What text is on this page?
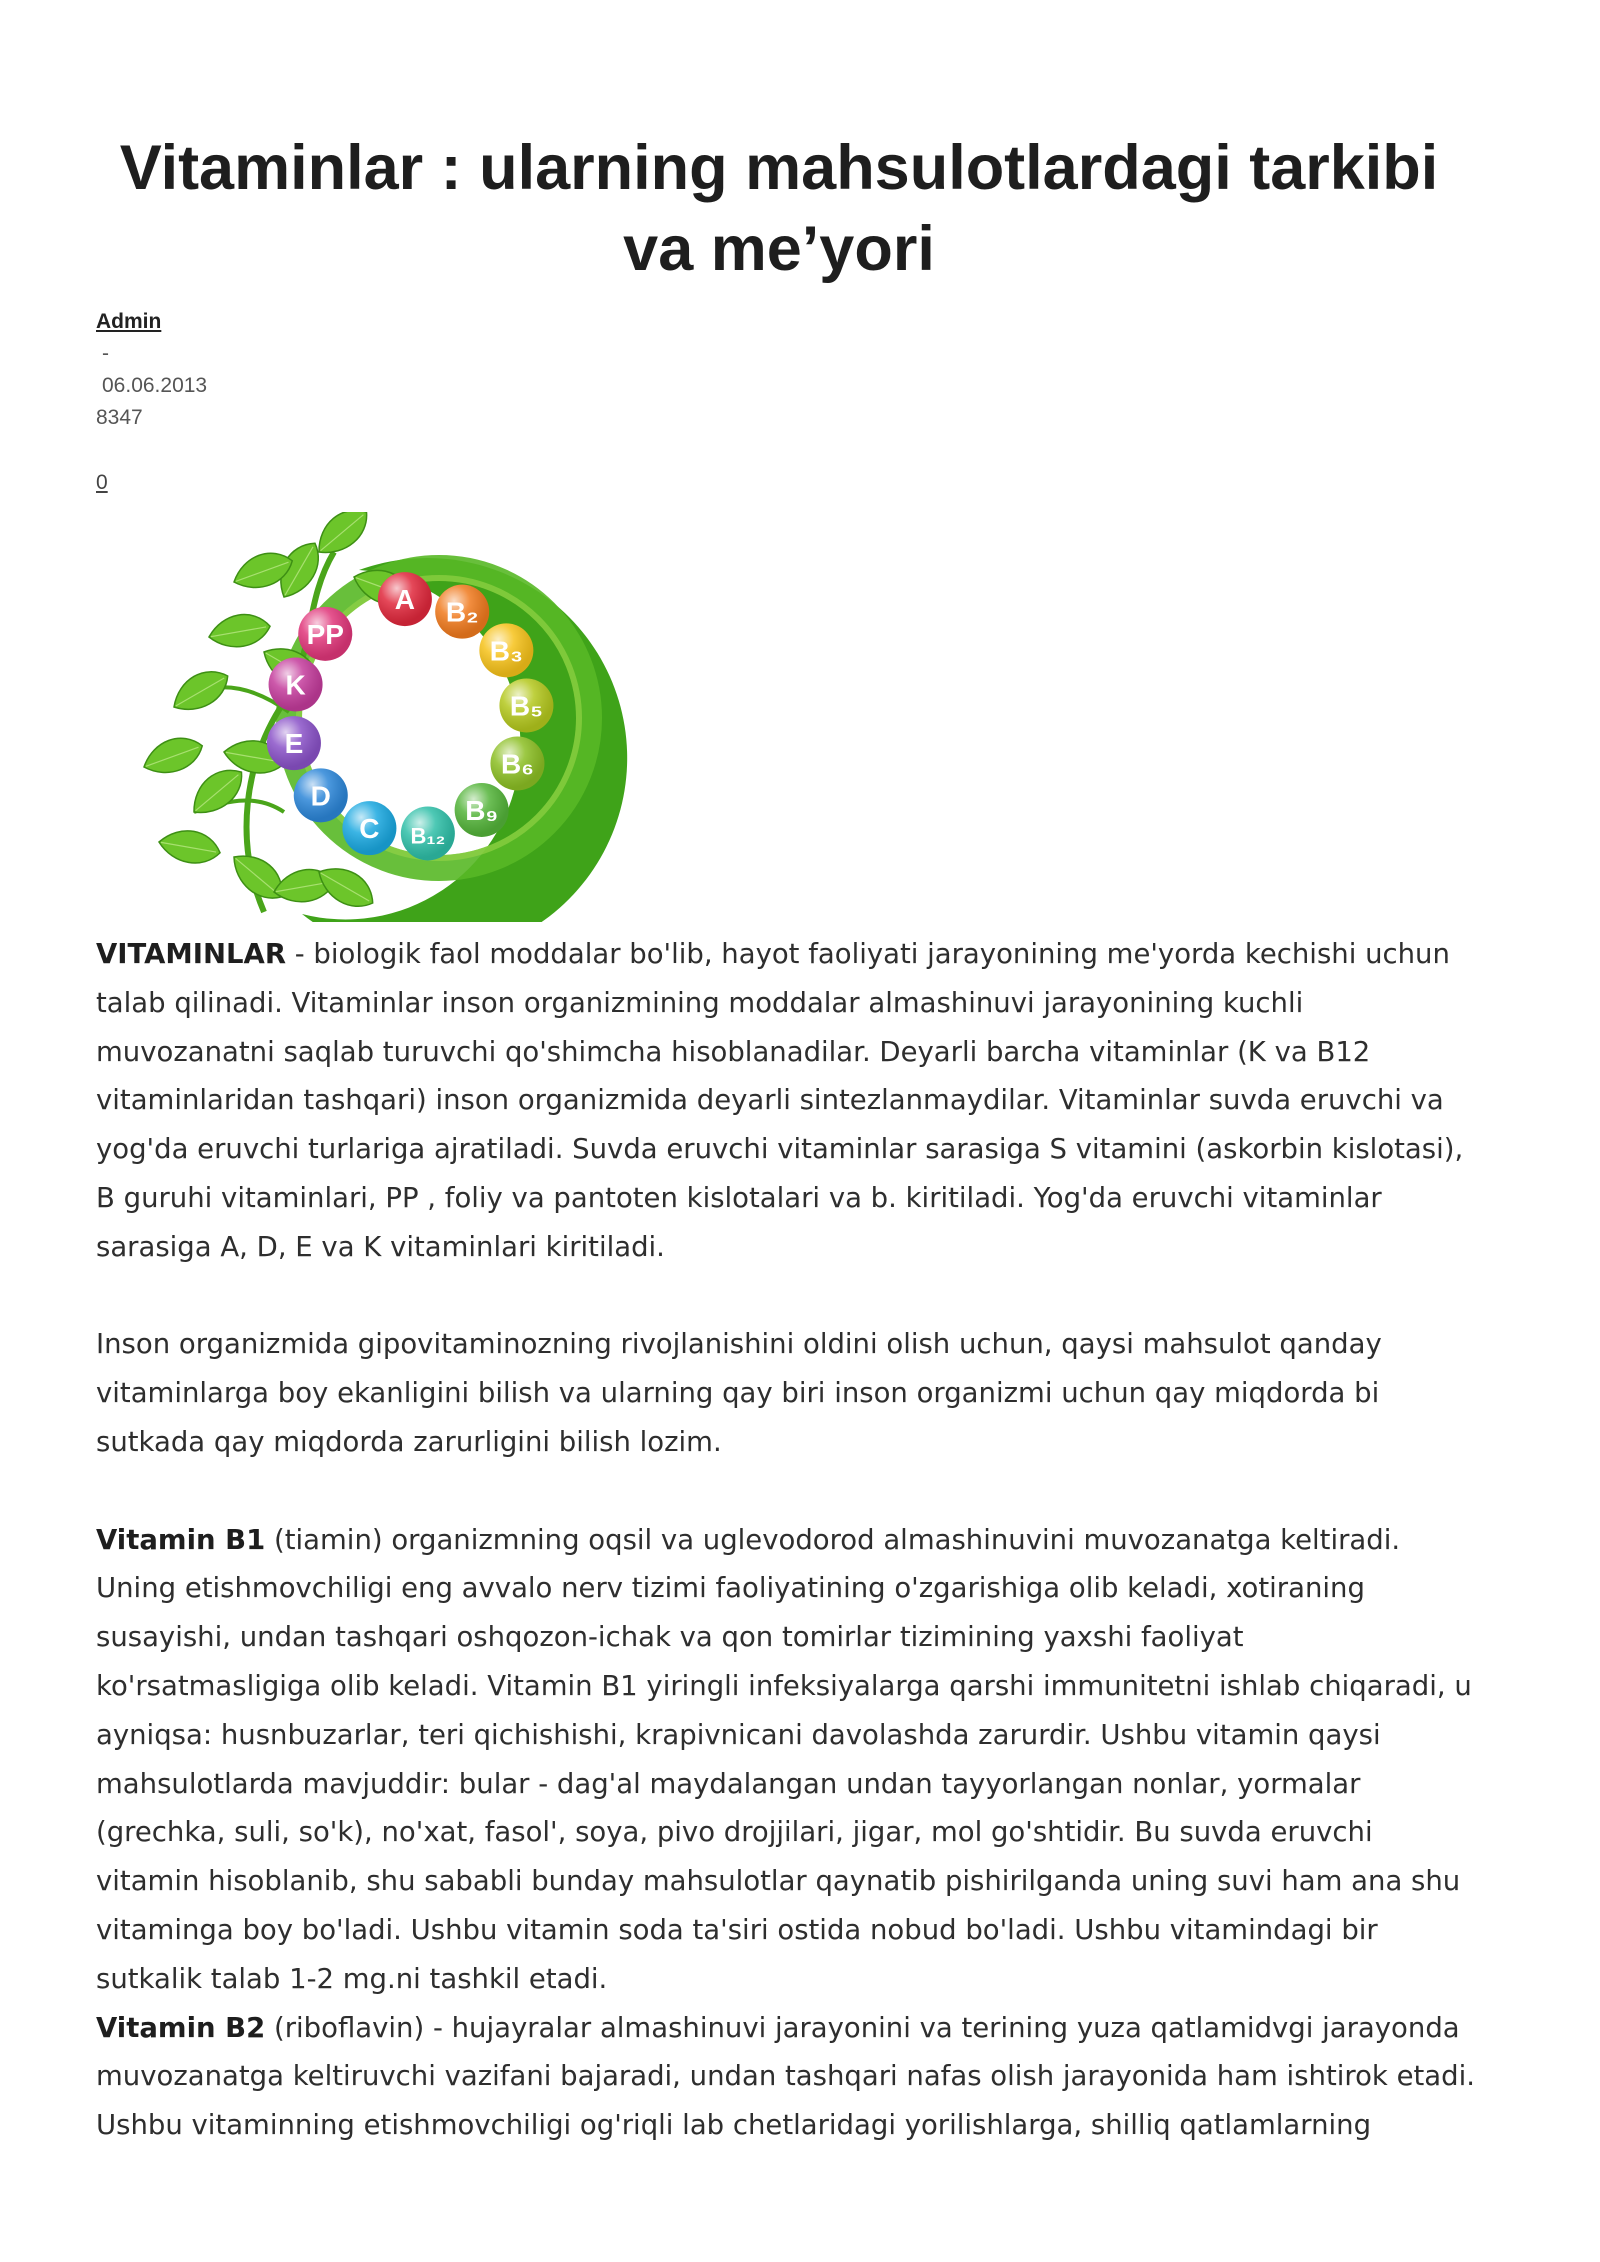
Vitaminlar : ularning mahsulotlardagi tarkibi va me’yori
Admin
-
06.06.2013
8347
0
A B₂
B₃
B₅
B₆
B₉
B₁₂
C
D
E
K
PP

VITAMINLAR - biologik faol moddalar bo'lib, hayot faoliyati jarayonining me'yorda kechishi uchun talab qilinadi. Vitaminlar inson organizmining moddalar almashinuvi jarayonining kuchli muvozanatni saqlab turuvchi qo'shimcha hisoblanadilar. Deyarli barcha vitaminlar (K va B12 vitaminlaridan tashqari) inson organizmida deyarli sintezlanmaydilar. Vitaminlar suvda eruvchi va yog'da eruvchi turlariga ajratiladi. Suvda eruvchi vitaminlar sarasiga S vitamini (askorbin kislotasi), B guruhi vitaminlari, PP , foliy va pantoten kislotalari va b. kiritiladi. Yog'da eruvchi vitaminlar sarasiga A, D, E va K vitaminlari kiritiladi.

Inson organizmida gipovitaminozning rivojlanishini oldini olish uchun, qaysi mahsulot qanday vitaminlarga boy ekanligini bilish va ularning qay biri inson organizmi uchun qay miqdorda bi sutkada qay miqdorda zarurligini bilish lozim.

Vitamin B1 (tiamin) organizmning oqsil va uglevodorod almashinuvini muvozanatga keltiradi. Uning etishmovchiligi eng avvalo nerv tizimi faoliyatining o'zgarishiga olib keladi, xotiraning susayishi, undan tashqari oshqozon-ichak va qon tomirlar tizimining yaxshi faoliyat ko'rsatmasligiga olib keladi. Vitamin B1 yiringli infeksiyalarga qarshi immunitetni ishlab chiqaradi, u ayniqsa: husnbuzarlar, teri qichishishi, krapivnicani davolashda zarurdir. Ushbu vitamin qaysi mahsulotlarda mavjuddir: bular - dag'al maydalangan undan tayyorlangan nonlar, yormalar (grechka, suli, so'k), no'xat, fasol', soya, pivo drojjilari, jigar, mol go'shtidir. Bu suvda eruvchi vitamin hisoblanib, shu sababli bunday mahsulotlar qaynatib pishirilganda uning suvi ham ana shu vitaminga boy bo'ladi. Ushbu vitamin soda ta'siri ostida nobud bo'ladi. Ushbu vitamindagi bir sutkalik talab 1-2 mg.ni tashkil etadi.

Vitamin B2 (riboflavin) - hujayralar almashinuvi jarayonini va terining yuza qatlamidvgi jarayonda muvozanatga keltiruvchi vazifani bajaradi, undan tashqari nafas olish jarayonida ham ishtirok etadi. Ushbu vitaminning etishmovchiligi og'riqli lab chetlaridagi yorilishlarga, shilliq qatlamlarning
